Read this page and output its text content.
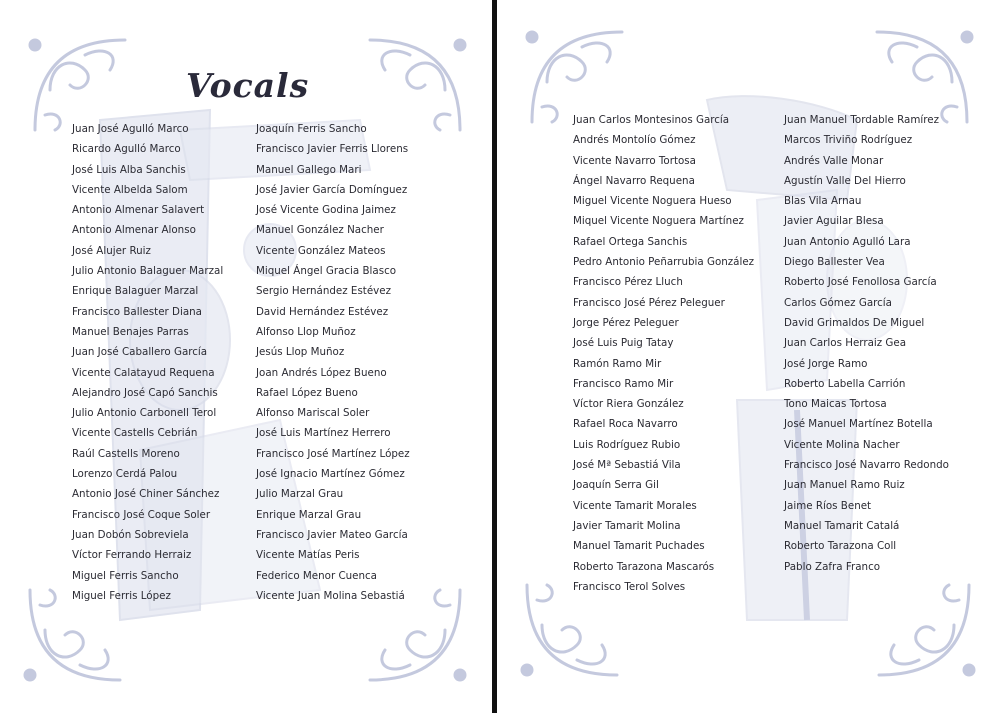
Vocals
Juan José Agulló Marco
Ricardo Agulló Marco
José Luis Alba Sanchis
Vicente Albelda Salom
Antonio Almenar Salavert
Antonio Almenar Alonso
José Alujer Ruiz
Julio Antonio Balaguer Marzal
Enrique Balaguer Marzal
Francisco Ballester Diana
Manuel Benajes Parras
Juan José Caballero García
Vicente Calatayud Requena
Alejandro José Capó Sanchis
Julio Antonio Carbonell Terol
Vicente Castells Cebrián
Raúl Castells Moreno
Lorenzo Cerdá Palou
Antonio José Chiner Sánchez
Francisco José Coque Soler
Juan Dobón Sobreviela
Víctor Ferrando Herraiz
Miguel Ferris Sancho
Miguel Ferris López
Joaquín Ferris Sancho
Francisco Javier Ferris Llorens
Manuel Gallego Mari
José Javier García Domínguez
José Vicente Godina Jaimez
Manuel González Nacher
Vicente González Mateos
Miquel Ángel Gracia Blasco
Sergio Hernández Estévez
David Hernández Estévez
Alfonso Llop Muñoz
Jesús Llop Muñoz
Joan Andrés López Bueno
Rafael López Bueno
Alfonso Mariscal Soler
José Luis Martínez Herrero
Francisco José Martínez López
José Ignacio Martínez Gómez
Julio Marzal Grau
Enrique Marzal Grau
Francisco Javier Mateo García
Vicente Matías Peris
Federico Menor Cuenca
Vicente Juan Molina Sebastiá
Juan Carlos Montesinos García
Andrés Montolío Gómez
Vicente Navarro Tortosa
Ángel Navarro Requena
Miguel Vicente Noguera Hueso
Miquel Vicente Noguera Martínez
Rafael Ortega Sanchis
Pedro Antonio Peñarrubia González
Francisco Pérez Lluch
Francisco José Pérez Peleguer
Jorge Pérez Peleguer
José Luis Puig Tatay
Ramón Ramo Mir
Francisco Ramo Mir
Víctor Riera González
Rafael Roca Navarro
Luis Rodríguez Rubio
José Mª Sebastiá Vila
Joaquín Serra Gil
Vicente Tamarit Morales
Javier Tamarit Molina
Manuel Tamarit Puchades
Roberto Tarazona Mascarós
Francisco Terol Solves
Juan Manuel Tordable Ramírez
Marcos Triviño Rodríguez
Andrés Valle Monar
Agustín Valle Del Hierro
Blas Vila Arnau
Javier Aguilar Blesa
Juan Antonio Agulló Lara
Diego Ballester Vea
Roberto José Fenollosa García
Carlos Gómez García
David Grimaldos De Miguel
Juan Carlos Herraiz Gea
José Jorge Ramo
Roberto Labella Carrión
Tono Maicas Tortosa
José Manuel Martínez Botella
Vicente Molina Nacher
Francisco José Navarro Redondo
Juan Manuel Ramo Ruiz
Jaime Ríos Benet
Manuel Tamarit Catalá
Roberto Tarazona Coll
Pablo Zafra Franco
